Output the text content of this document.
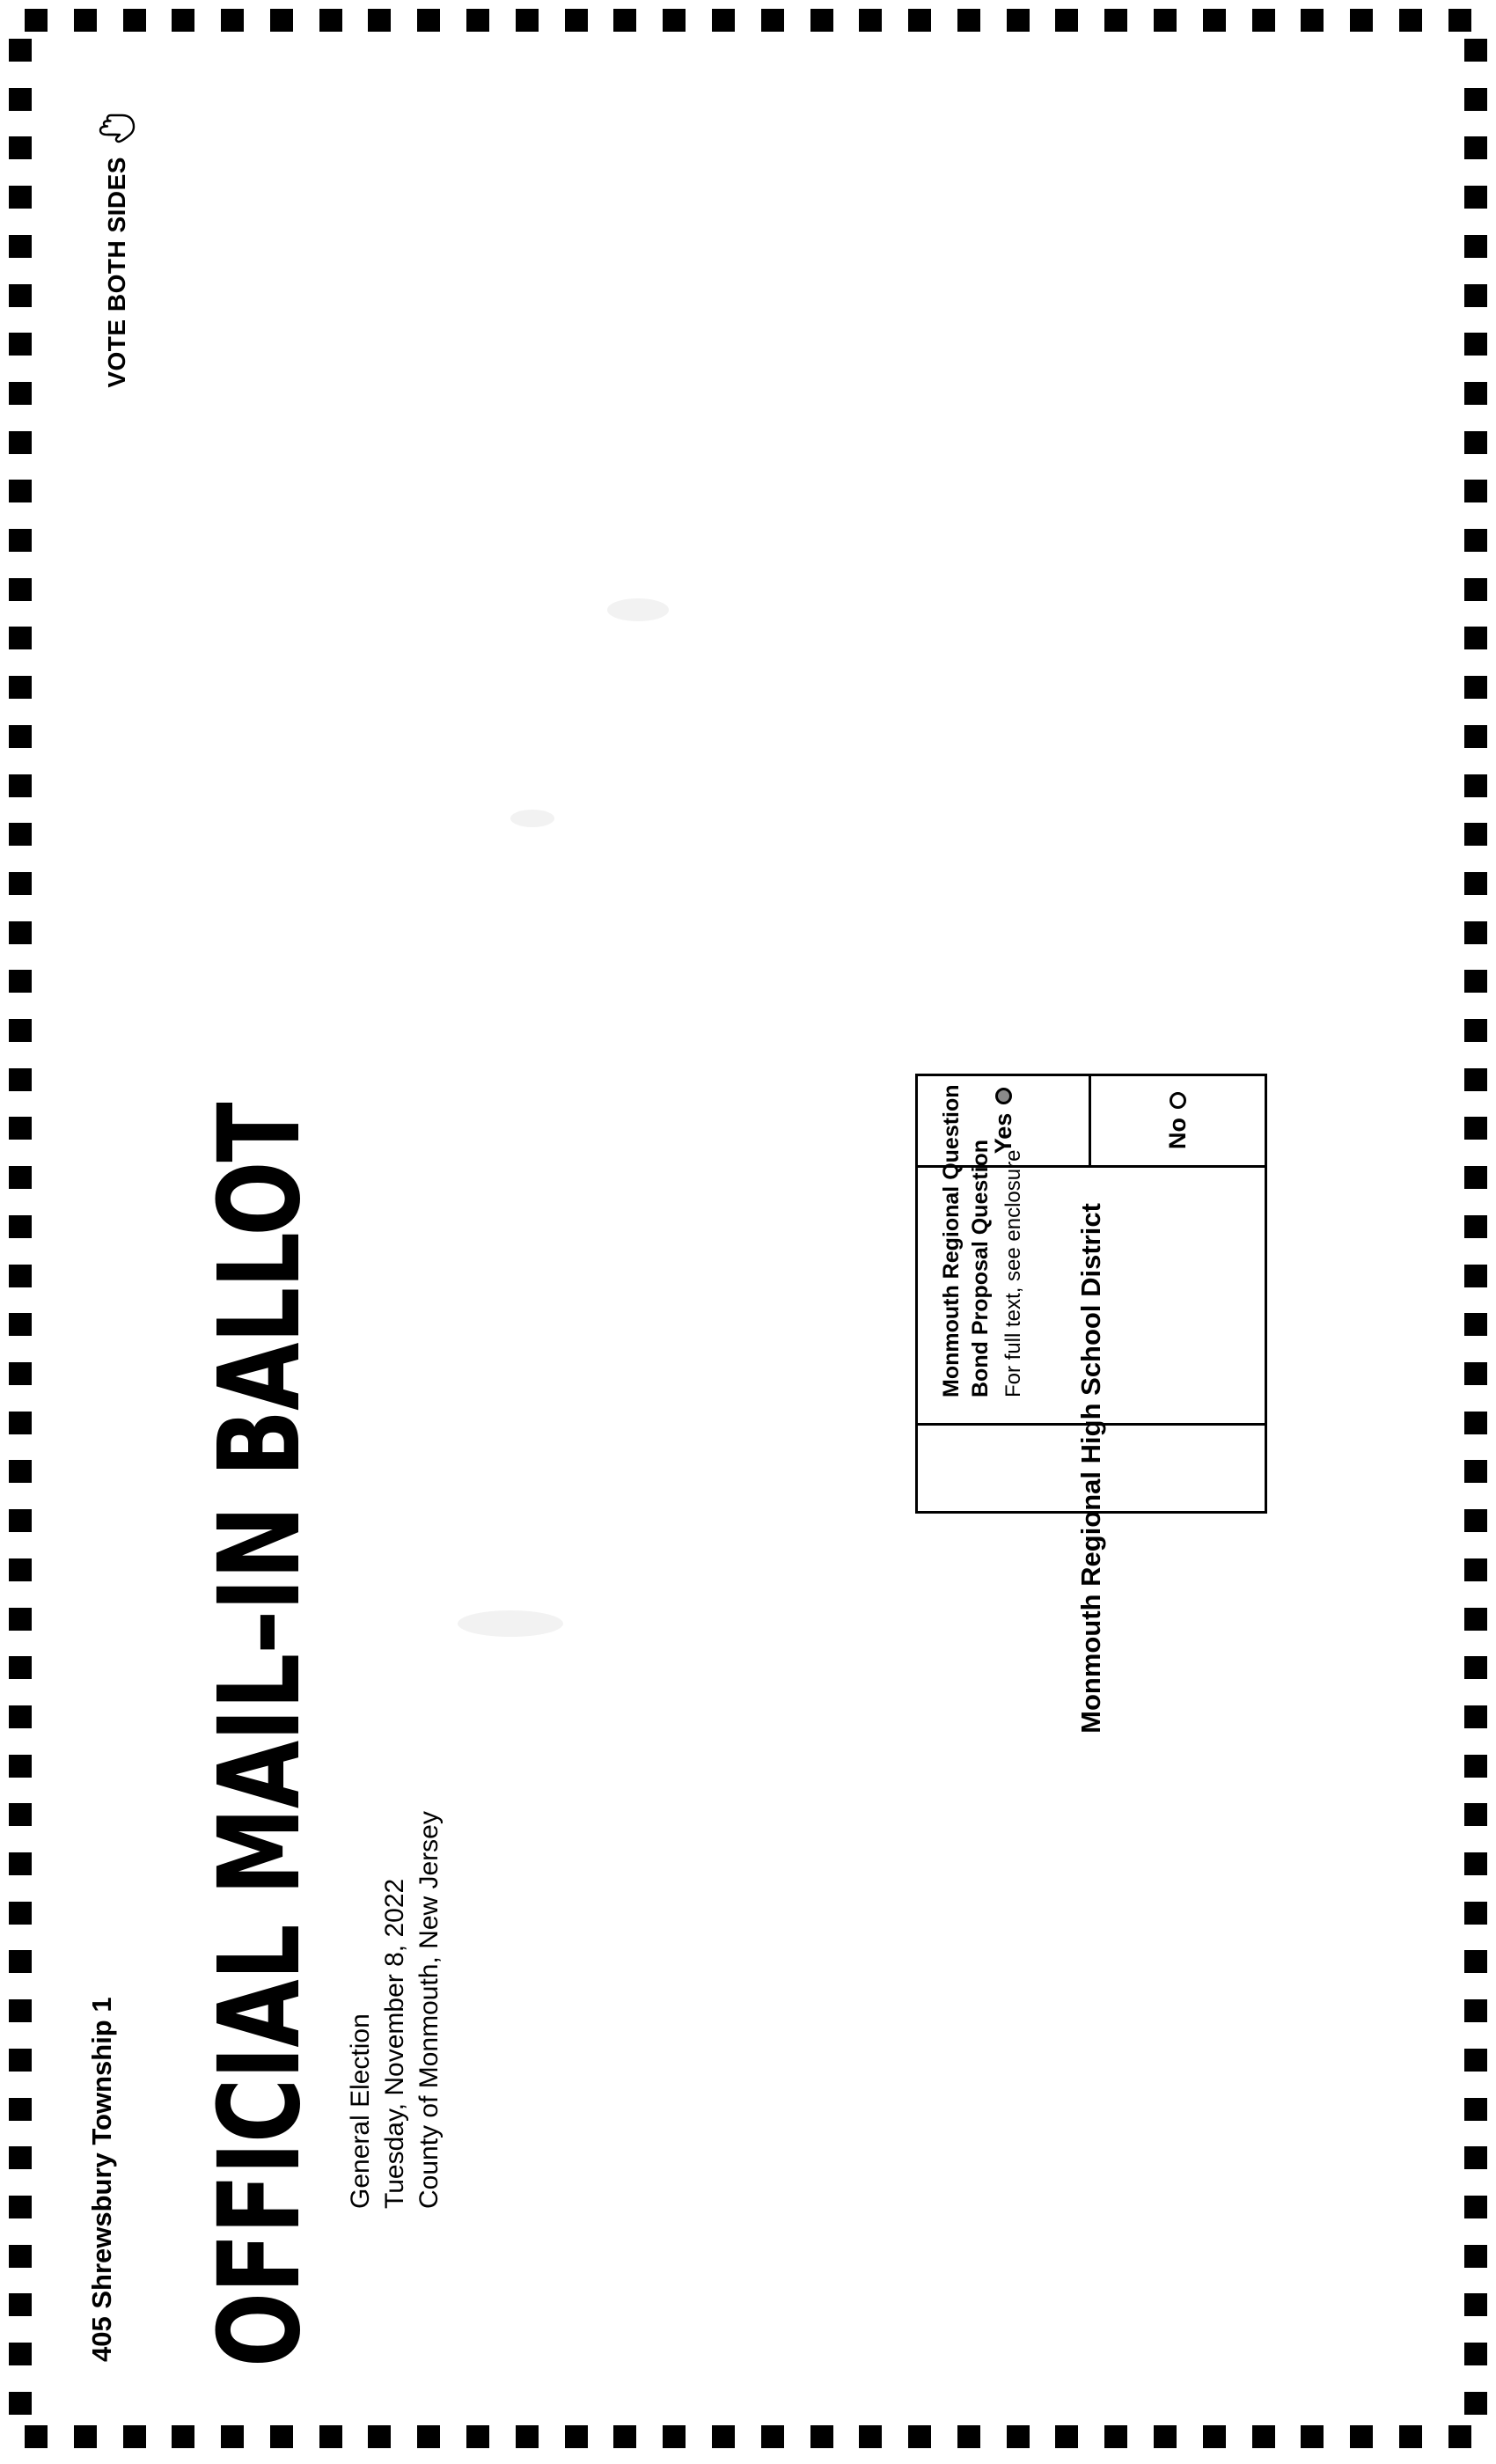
405 Shrewsbury Township 1 OFFICIAL MAIL–IN BALLOT General Election Tuesday, November 8, 2022 County of Monmouth, New Jersey
VOTE BOTH SIDES
Monmouth Regional High School District
Monmouth Regional Question Bond Proposal Question For full text, see enclosure
Yes	No
